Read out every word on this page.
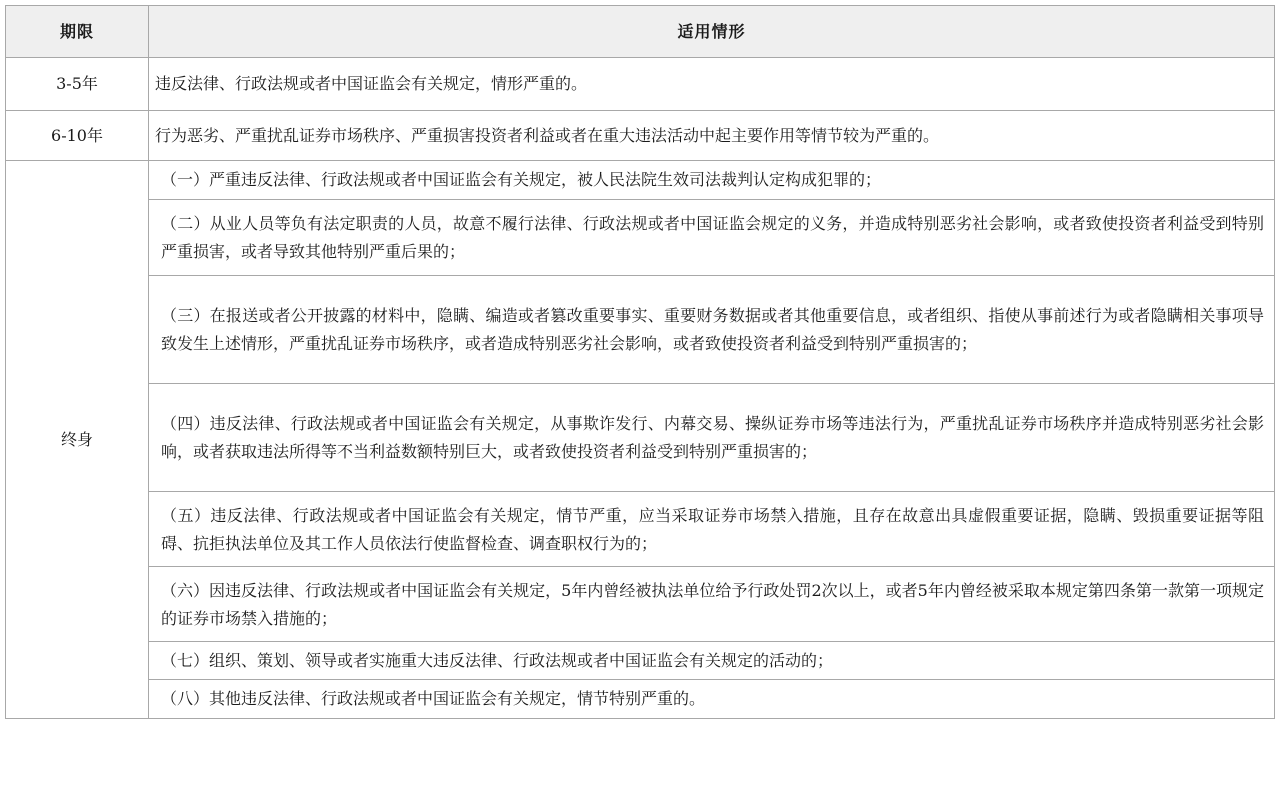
期限	适用情形
3-5年	违反法律、行政法规或者中国证监会有关规定，情形严重的。
6-10年	行为恶劣、严重扰乱证券市场秩序、严重损害投资者利益或者在重大违法活动中起主要作用等情节较为严重的。
终身	（一）严重违反法律、行政法规或者中国证监会有关规定，被人民法院生效司法裁判认定构成犯罪的；
	（二）从业人员等负有法定职责的人员，故意不履行法律、行政法规或者中国证监会规定的义务，并造成特别恶劣社会影响，或者致使投资者利益受到特别严重损害，或者导致其他特别严重后果的；
	（三）在报送或者公开披露的材料中，隐瞒、编造或者篡改重要事实、重要财务数据或者其他重要信息，或者组织、指使从事前述行为或者隐瞒相关事项导致发生上述情形，严重扰乱证券市场秩序，或者造成特别恶劣社会影响，或者致使投资者利益受到特别严重损害的；
	（四）违反法律、行政法规或者中国证监会有关规定，从事欺诈发行、内幕交易、操纵证券市场等违法行为，严重扰乱证券市场秩序并造成特别恶劣社会影响，或者获取违法所得等不当利益数额特别巨大，或者致使投资者利益受到特别严重损害的；
	（五）违反法律、行政法规或者中国证监会有关规定，情节严重，应当采取证券市场禁入措施，且存在故意出具虚假重要证据，隐瞒、毁损重要证据等阻碍、抗拒执法单位及其工作人员依法行使监督检查、调查职权行为的；
	（六）因违反法律、行政法规或者中国证监会有关规定，5年内曾经被执法单位给予行政处罚2次以上，或者5年内曾经被采取本规定第四条第一款第一项规定的证券市场禁入措施的；
	（七）组织、策划、领导或者实施重大违反法律、行政法规或者中国证监会有关规定的活动的；
	（八）其他违反法律、行政法规或者中国证监会有关规定，情节特别严重的。
